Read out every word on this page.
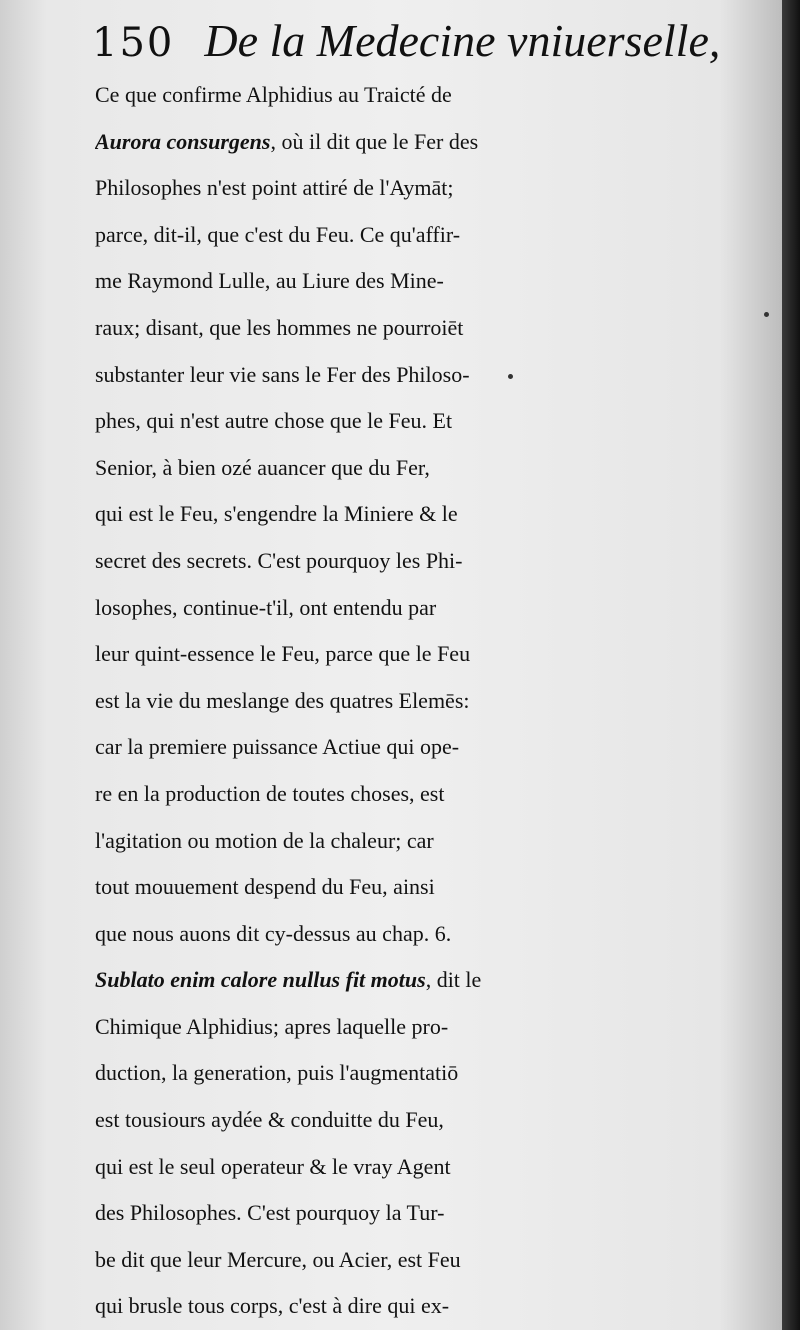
150 De la Medecine vniuerselle,
Ce que confirme Alphidius au Traicté de
Aurora consurgens, où il dit que le Fer des
Philosophes n'est point attiré de l'Aymāt;
parce, dit-il, que c'est du Feu. Ce qu'affir-
me Raymond Lulle, au Liure des Mine-
raux; disant, que les hommes ne pourroiēt
substanter leur vie sans le Fer des Philoso-
phes, qui n'est autre chose que le Feu. Et
Senior, à bien ozé auancer que du Fer,
qui est le Feu, s'engendre la Miniere & le
secret des secrets. C'est pourquoy les Phi-
losophes, continue-t'il, ont entendu par
leur quint-essence le Feu, parce que le Feu
est la vie du meslange des quatres Elemēs:
car la premiere puissance Actiue qui ope-
re en la production de toutes choses, est
l'agitation ou motion de la chaleur; car
tout mouuement despend du Feu, ainsi
que nous auons dit cy-dessus au chap. 6.
Sublato enim calore nullus fit motus, dit le
Chimique Alphidius; apres laquelle pro-
duction, la generation, puis l'augmentatiō
est tousiours aydée & conduitte du Feu,
qui est le seul operateur & le vray Agent
des Philosophes. C'est pourquoy la Tur-
be dit que leur Mercure, ou Acier, est Feu
qui brusle tous corps, c'est à dire qui ex-
